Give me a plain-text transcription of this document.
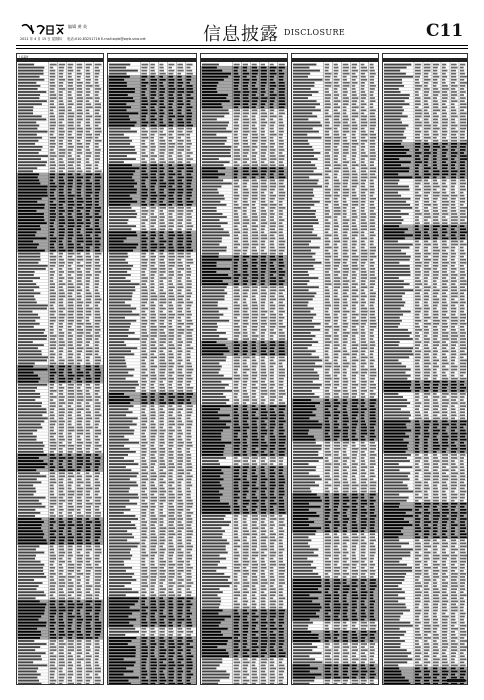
编辑 黄 英
2021 年 4 月 15 日 星期四 电话:010-83251716 E-mail:zqrb@zqrb.sina.net	信息披露 DISCLOSURE	C11
上证基金
